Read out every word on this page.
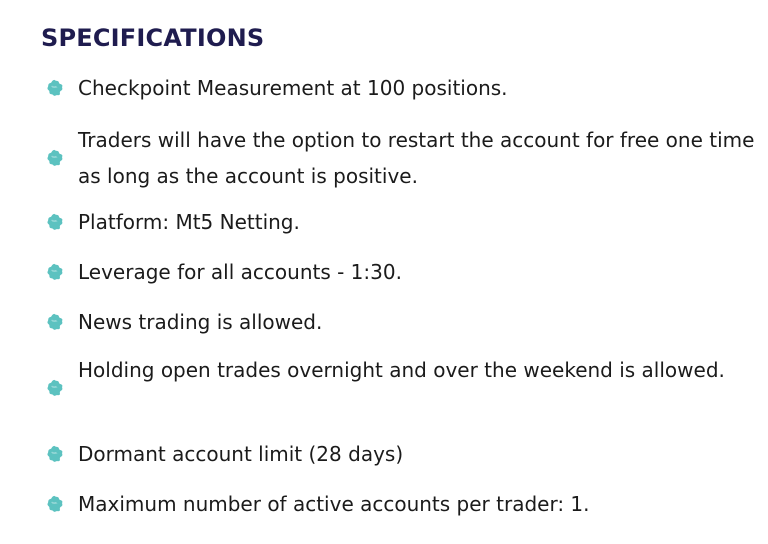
SPECIFICATIONS
Checkpoint Measurement at 100 positions.
Traders will have the option to restart the account for free one time as long as the account is positive.
Platform: Mt5 Netting.
Leverage for all accounts - 1:30.
News trading is allowed.
Holding open trades overnight and over the weekend is allowed.
Dormant account limit (28 days)
Maximum number of active accounts per trader: 1.
